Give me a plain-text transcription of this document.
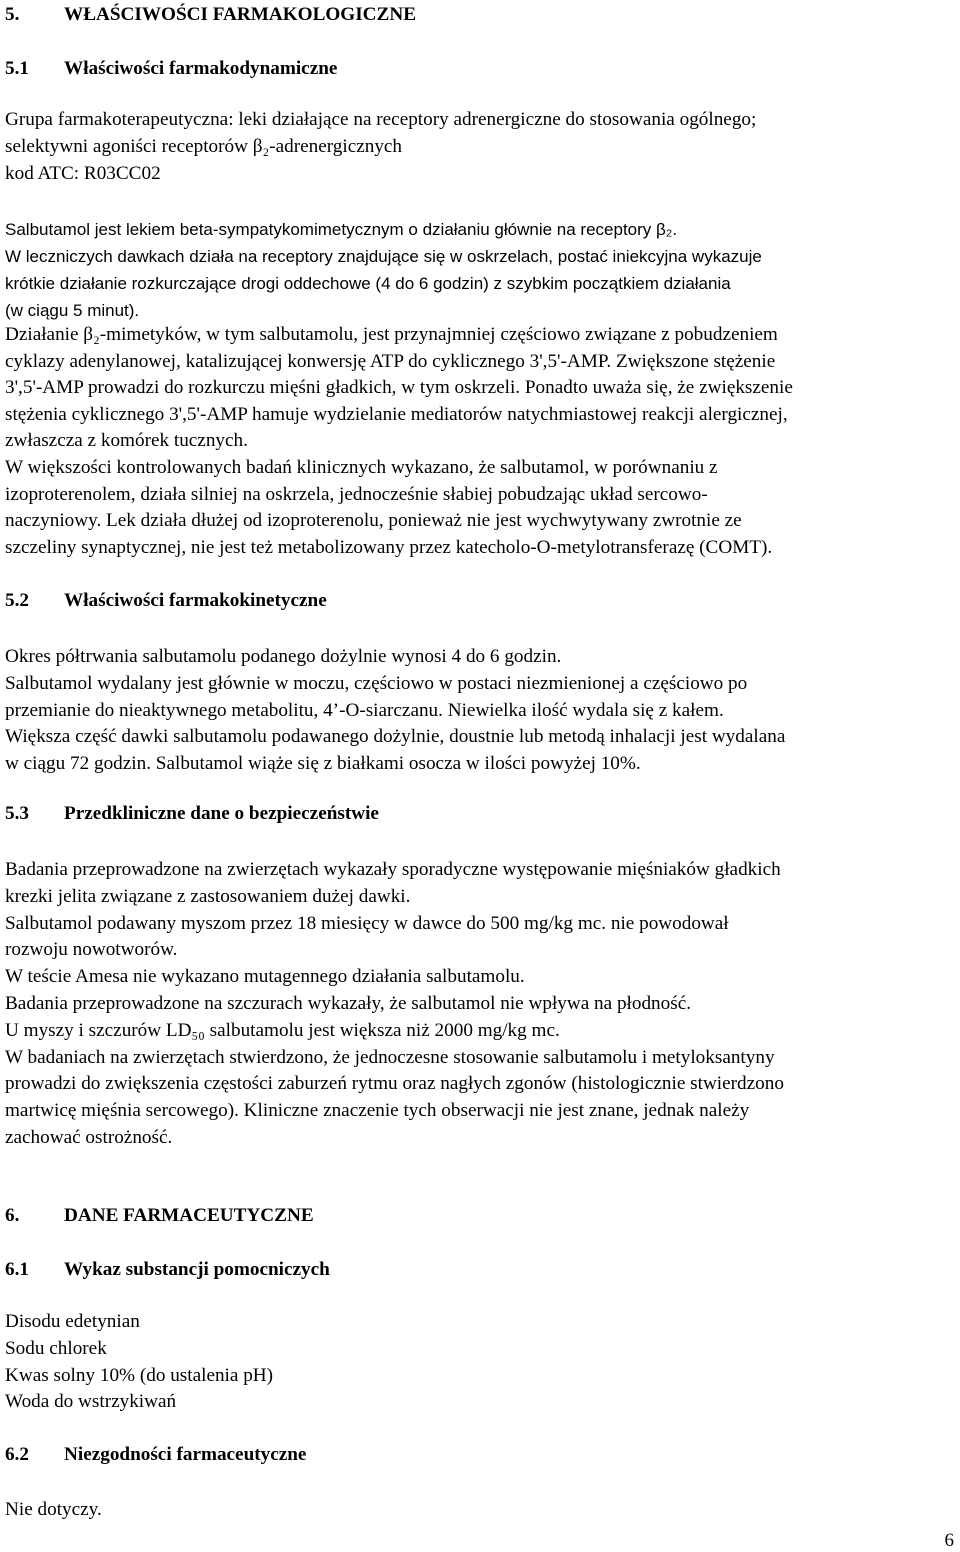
5. WŁAŚCIWOŚCI FARMAKOLOGICZNE
5.1 Właściwości farmakodynamiczne

Grupa farmakoterapeutyczna: leki działające na receptory adrenergiczne do stosowania ogólnego;

selektywni agoniści receptorów β₂-adrenergicznych

kod ATC: R03CC02

Salbutamol jest lekiem beta-sympatykomimetycznym o działaniu głównie na receptory β₂.

W leczniczych dawkach działa na receptory znajdujące się w oskrzelach, postać iniekcyjna wykazuje

krótkie działanie rozkurczające drogi oddechowe (4 do 6 godzin) z szybkim początkiem działania

(w ciągu 5 minut).

Działanie β₂-mimetyków, w tym salbutamolu, jest przynajmniej częściowo związane z pobudzeniem

cyklazy adenylanowej, katalizującej konwersję ATP do cyklicznego 3',5'-AMP. Zwiększone stężenie

3',5'-AMP prowadzi do rozkurczu mięśni gładkich, w tym oskrzeli. Ponadto uważa się, że zwiększenie

stężenia cyklicznego 3',5'-AMP hamuje wydzielanie mediatorów natychmiastowej reakcji alergicznej,

zwłaszcza z komórek tucznych.

W większości kontrolowanych badań klinicznych wykazano, że salbutamol, w porównaniu z

izoproterenolem, działa silniej na oskrzela, jednocześnie słabiej pobudzając układ sercowo-

naczyniowy. Lek działa dłużej od izoproterenolu, ponieważ nie jest wychwytywany zwrotnie ze

szczeliny synaptycznej, nie jest też metabolizowany przez katecholo-O-metylotransferazę (COMT).

5.2 Właściwości farmakokinetyczne

Okres półtrwania salbutamolu podanego dożylnie wynosi 4 do 6 godzin.

Salbutamol wydalany jest głównie w moczu, częściowo w postaci niezmienionej a częściowo po

przemianie do nieaktywnego metabolitu, 4’-O-siarczanu. Niewielka ilość wydala się z kałem.

Większa część dawki salbutamolu podawanego dożylnie, doustnie lub metodą inhalacji jest wydalana

w ciągu 72 godzin. Salbutamol wiąże się z białkami osocza w ilości powyżej 10%.

5.3 Przedkliniczne dane o bezpieczeństwie

Badania przeprowadzone na zwierzętach wykazały sporadyczne występowanie mięśniaków gładkich

krezki jelita związane z zastosowaniem dużej dawki.

Salbutamol podawany myszom przez 18 miesięcy w dawce do 500 mg/kg mc. nie powodował

rozwoju nowotworów.

W teście Amesa nie wykazano mutagennego działania salbutamolu.

Badania przeprowadzone na szczurach wykazały, że salbutamol nie wpływa na płodność.

U myszy i szczurów LD₅₀ salbutamolu jest większa niż 2000 mg/kg mc.

W badaniach na zwierzętach stwierdzono, że jednoczesne stosowanie salbutamolu i metyloksantyny

prowadzi do zwiększenia częstości zaburzeń rytmu oraz nagłych zgonów (histologicznie stwierdzono

martwicę mięśnia sercowego). Kliniczne znaczenie tych obserwacji nie jest znane, jednak należy

zachować ostrożność.

6. DANE FARMACEUTYCZNE
6.1 Wykaz substancji pomocniczych

Disodu edetynian

Sodu chlorek

Kwas solny 10% (do ustalenia pH)

Woda do wstrzykiwań

6.2 Niezgodności farmaceutyczne

Nie dotyczy.

6
